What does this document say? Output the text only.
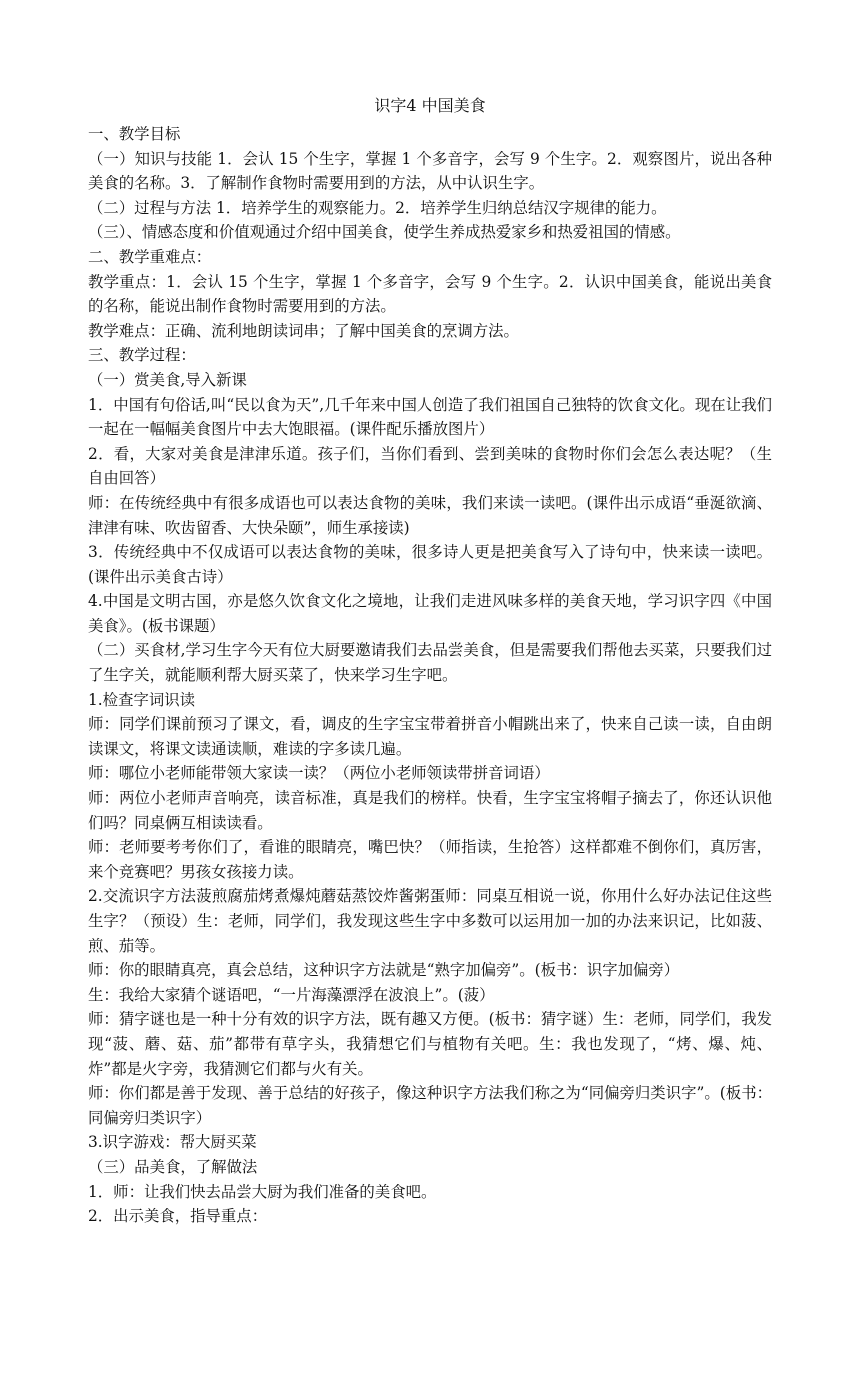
识字4 中国美食

一、教学目标

（一）知识与技能 1．会认 15 个生字，掌握 1 个多音字，会写 9 个生字。2．观察图片，说出各种美食的名称。3．了解制作食物时需要用到的方法，从中认识生字。

（二）过程与方法 1．培养学生的观察能力。2．培养学生归纳总结汉字规律的能力。

（三）、情感态度和价值观通过介绍中国美食，使学生养成热爱家乡和热爱祖国的情感。

二、教学重难点：

教学重点：1．会认 15 个生字，掌握 1 个多音字，会写 9 个生字。2．认识中国美食，能说出美食的名称，能说出制作食物时需要用到的方法。

教学难点：正确、流利地朗读词串；了解中国美食的烹调方法。

三、教学过程：

（一）赏美食,导入新课

1．中国有句俗话,叫“民以食为天”,几千年来中国人创造了我们祖国自己独特的饮食文化。现在让我们一起在一幅幅美食图片中去大饱眼福。(课件配乐播放图片）

2．看，大家对美食是津津乐道。孩子们，当你们看到、尝到美味的食物时你们会怎么表达呢？（生自由回答）

师：在传统经典中有很多成语也可以表达食物的美味，我们来读一读吧。(课件出示成语“垂涎欲滴、津津有味、吹齿留香、大快朵颐”，师生承接读)

3．传统经典中不仅成语可以表达食物的美味，很多诗人更是把美食写入了诗句中，快来读一读吧。(课件出示美食古诗）

4.中国是文明古国，亦是悠久饮食文化之境地，让我们走进风味多样的美食天地，学习识字四《中国美食》。(板书课题）

（二）买食材,学习生字今天有位大厨要邀请我们去品尝美食，但是需要我们帮他去买菜，只要我们过了生字关，就能顺利帮大厨买菜了，快来学习生字吧。

1.检查字词识读

师：同学们课前预习了课文，看，调皮的生字宝宝带着拼音小帽跳出来了，快来自己读一读，自由朗读课文，将课文读通读顺，难读的字多读几遍。

师：哪位小老师能带领大家读一读？（两位小老师领读带拼音词语）

师：两位小老师声音响亮，读音标准，真是我们的榜样。快看，生字宝宝将帽子摘去了，你还认识他们吗？同桌俩互相读读看。

师：老师要考考你们了，看谁的眼睛亮，嘴巴快？（师指读，生抢答）这样都难不倒你们，真厉害，来个竞赛吧？男孩女孩接力读。

2.交流识字方法菠煎腐茄烤煮爆炖蘑菇蒸饺炸酱粥蛋师：同桌互相说一说，你用什么好办法记住这些生字？（预设）生：老师，同学们，我发现这些生字中多数可以运用加一加的办法来识记，比如菠、煎、茄等。

师：你的眼睛真亮，真会总结，这种识字方法就是“熟字加偏旁”。(板书：识字加偏旁）

生：我给大家猜个谜语吧，“一片海藻漂浮在波浪上”。(菠）

师：猜字谜也是一种十分有效的识字方法，既有趣又方便。(板书：猜字谜）生：老师，同学们，我发现“菠、蘑、菇、茄”都带有草字头，我猜想它们与植物有关吧。生：我也发现了，“烤、爆、炖、炸”都是火字旁，我猜测它们都与火有关。

师：你们都是善于发现、善于总结的好孩子，像这种识字方法我们称之为“同偏旁归类识字”。(板书：同偏旁归类识字）

3.识字游戏：帮大厨买菜

（三）品美食，了解做法

1．师：让我们快去品尝大厨为我们准备的美食吧。

2．出示美食，指导重点：
